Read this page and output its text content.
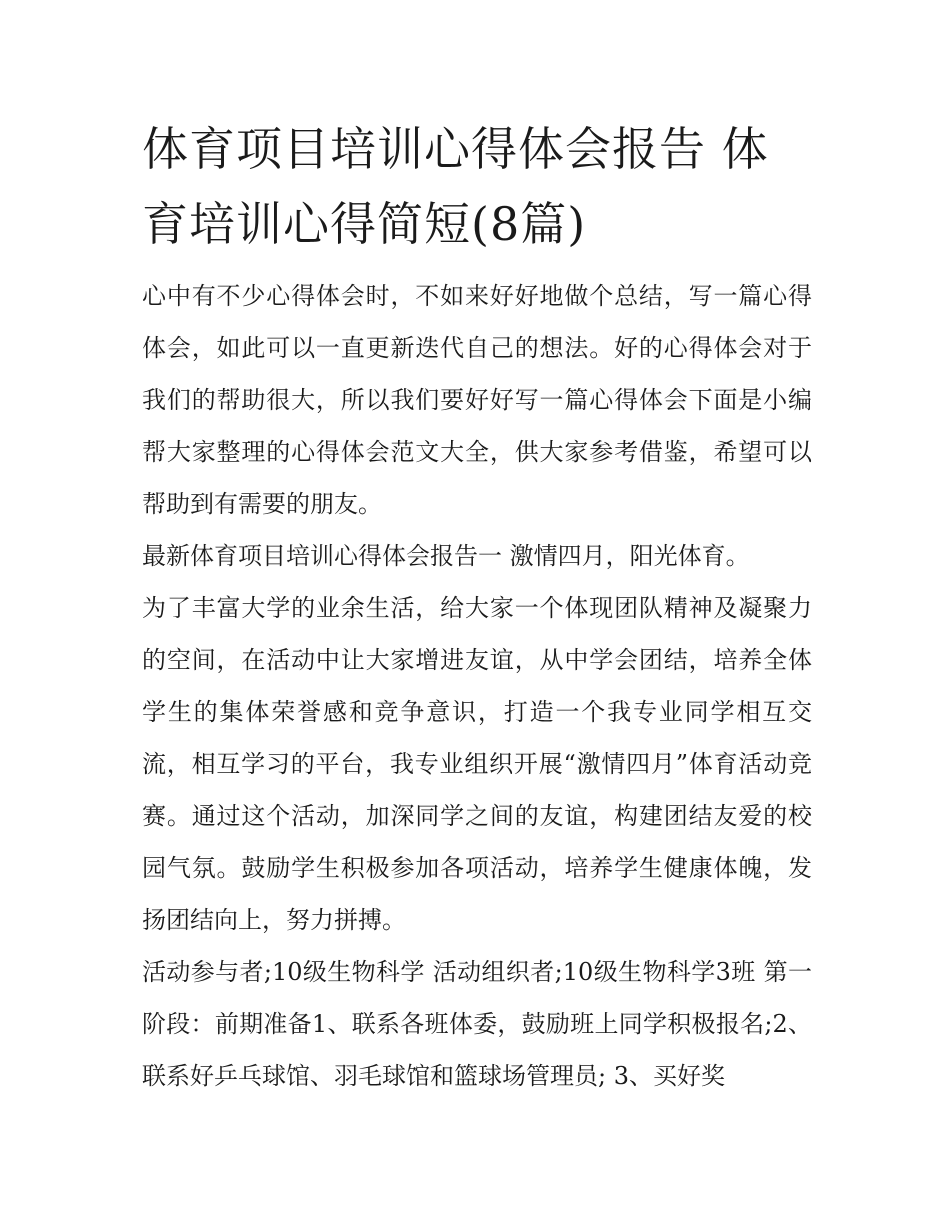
体育项目培训心得体会报告 体育培训心得简短(8篇)

心中有不少心得体会时，不如来好好地做个总结，写一篇心得体会，如此可以一直更新迭代自己的想法。好的心得体会对于我们的帮助很大，所以我们要好好写一篇心得体会下面是小编帮大家整理的心得体会范文大全，供大家参考借鉴，希望可以帮助到有需要的朋友。

最新体育项目培训心得体会报告一 激情四月，阳光体育。

为了丰富大学的业余生活，给大家一个体现团队精神及凝聚力的空间，在活动中让大家增进友谊，从中学会团结，培养全体学生的集体荣誉感和竞争意识，打造一个我专业同学相互交流，相互学习的平台，我专业组织开展“激情四月”体育活动竞赛。通过这个活动，加深同学之间的友谊，构建团结友爱的校园气氛。鼓励学生积极参加各项活动，培养学生健康体魄，发扬团结向上，努力拼搏。

活动参与者;10级生物科学 活动组织者;10级生物科学3班 第一阶段：前期准备1、联系各班体委，鼓励班上同学积极报名;2、联系好乒乓球馆、羽毛球馆和篮球场管理员; 3、买好奖
